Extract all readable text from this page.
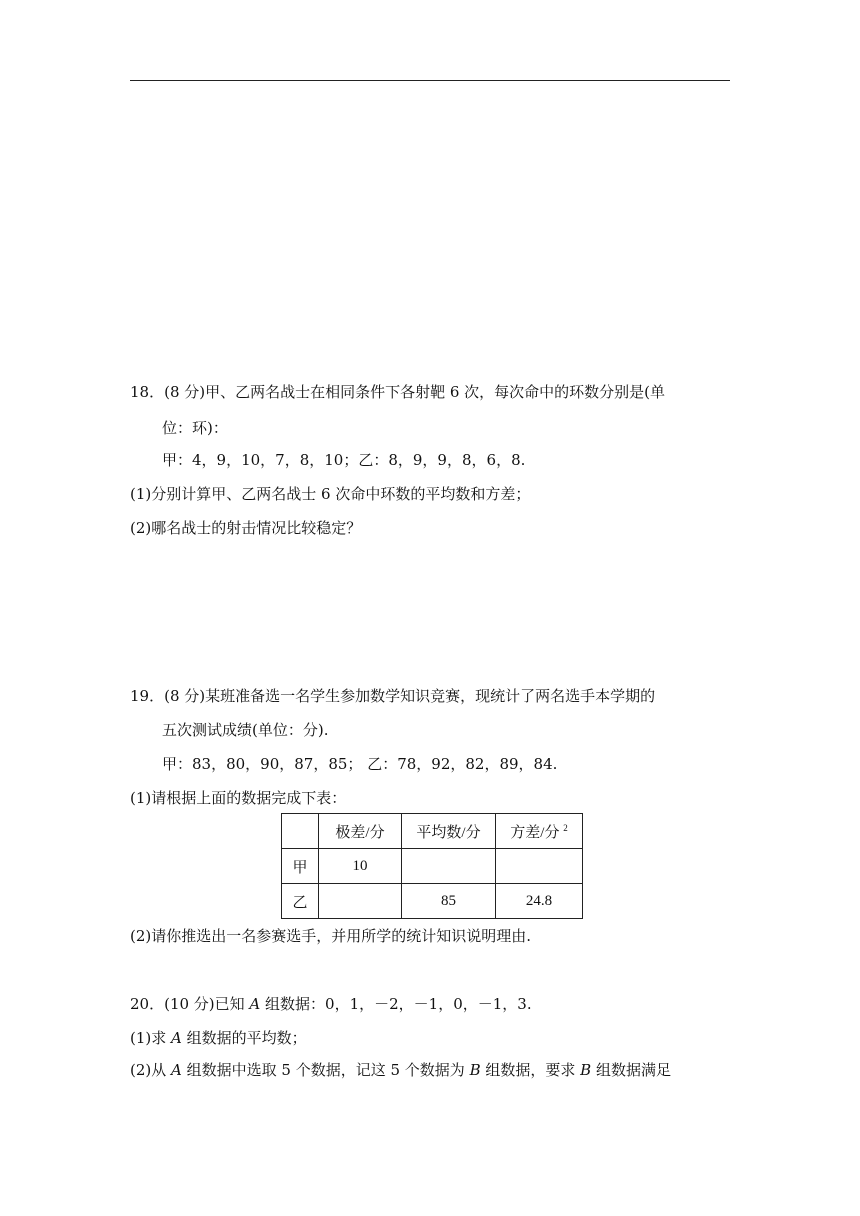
18．(8 分)甲、乙两名战士在相同条件下各射靶 6 次，每次命中的环数分别是(单
位：环)：
甲：4，9，10，7，8，10；乙：8，9，9，8，6，8.
(1)分别计算甲、乙两名战士 6 次命中环数的平均数和方差；
(2)哪名战士的射击情况比较稳定？
19．(8 分)某班准备选一名学生参加数学知识竞赛，现统计了两名选手本学期的
五次测试成绩(单位：分).
甲：83，80，90，87，85； 乙：78，92，82，89，84.
(1)请根据上面的数据完成下表：
	极差/分	平均数/分	方差/分 $^2$
甲	10		
乙		85	24.8
(2)请你推选出一名参赛选手，并用所学的统计知识说明理由.
20．(10 分)已知 A 组数据：0，1，－2，－1，0，－1，3.
(1)求 A 组数据的平均数；
(2)从 A 组数据中选取 5 个数据，记这 5 个数据为 B 组数据，要求 B 组数据满足
